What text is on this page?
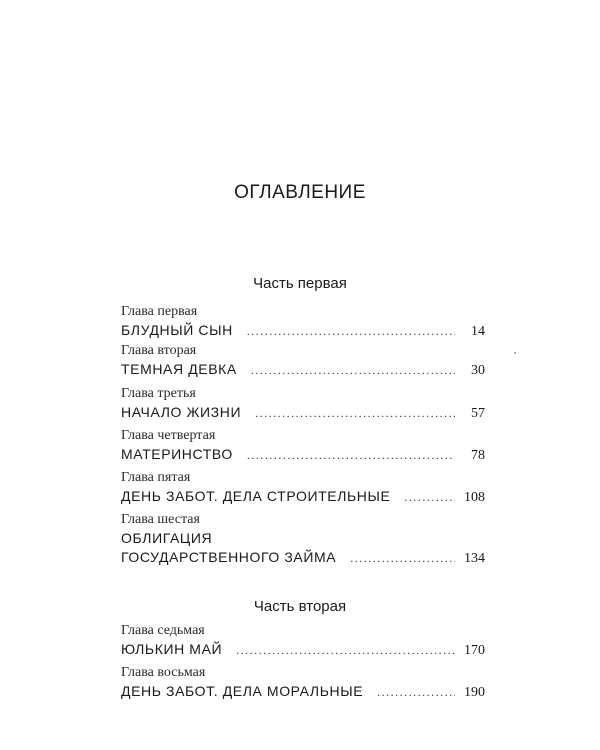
ОГЛАВЛЕНИЕ
Часть первая
Глава первая
БЛУДНЫЙ СЫН .....	14
Глава вторая
ТЕМНАЯ ДЕВКА .....	30
Глава третья
НАЧАЛО ЖИЗНИ .....	57
Глава четвертая
МАТЕРИНСТВО .....	78
Глава пятая
ДЕНЬ ЗАБОТ. ДЕЛА СТРОИТЕЛЬНЫЕ .....	108
Глава шестая
ОБЛИГАЦИЯ
ГОСУДАРСТВЕННОГО ЗАЙМА .....	134
Часть вторая
Глава седьмая
ЮЛЬКИН МАЙ .....	170
Глава восьмая
ДЕНЬ ЗАБОТ. ДЕЛА МОРАЛЬНЫЕ .....	190
